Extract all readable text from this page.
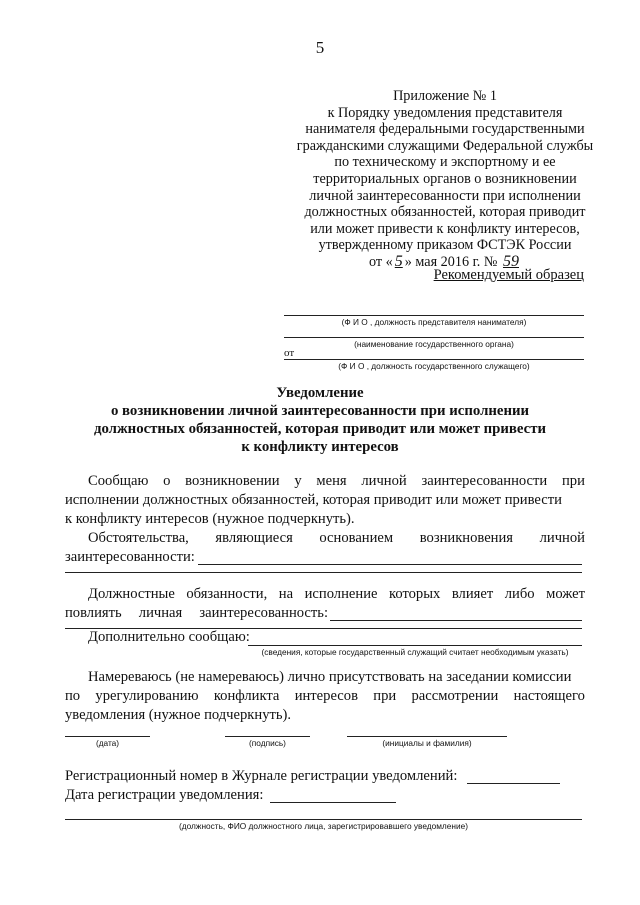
5
Приложение № 1
к Порядку уведомления представителя
нанимателя федеральными государственными
гражданскими служащими Федеральной службы
по техническому и экспортному и ее
территориальных органов о возникновении
личной заинтересованности при исполнении
должностных обязанностей, которая приводит
или может привести к конфликту интересов,
утвержденному приказом ФСТЭК России
от « 5 » мая 2016 г. № 59
Рекомендуемый образец
(Ф И О , должность представителя нанимателя)
(наименование государственного органа)
от
(Ф И О , должность государственного служащего)
Уведомление
о возникновении личной заинтересованности при исполнении
должностных обязанностей, которая приводит или может привести
к конфликту интересов
Сообщаю о возникновении у меня личной заинтересованности при
исполнении должностных обязанностей, которая приводит или может привести
к конфликту интересов (нужное подчеркнуть).
Обстоятельства, являющиеся основанием возникновения личной
заинтересованности:
Должностные обязанности, на исполнение которых влияет либо может
повлиять личная заинтересованность:
Дополнительно сообщаю:
(сведения, которые государственный служащий считает необходимым указать)
Намереваюсь (не намереваюсь) лично присутствовать на заседании комиссии
по урегулированию конфликта интересов при рассмотрении настоящего
уведомления (нужное подчеркнуть).
(дата)	(подпись)	(инициалы и фамилия)
Регистрационный номер в Журнале регистрации уведомлений:
Дата регистрации уведомления:
(должность, ФИО должностного лица, зарегистрировавшего уведомление)
